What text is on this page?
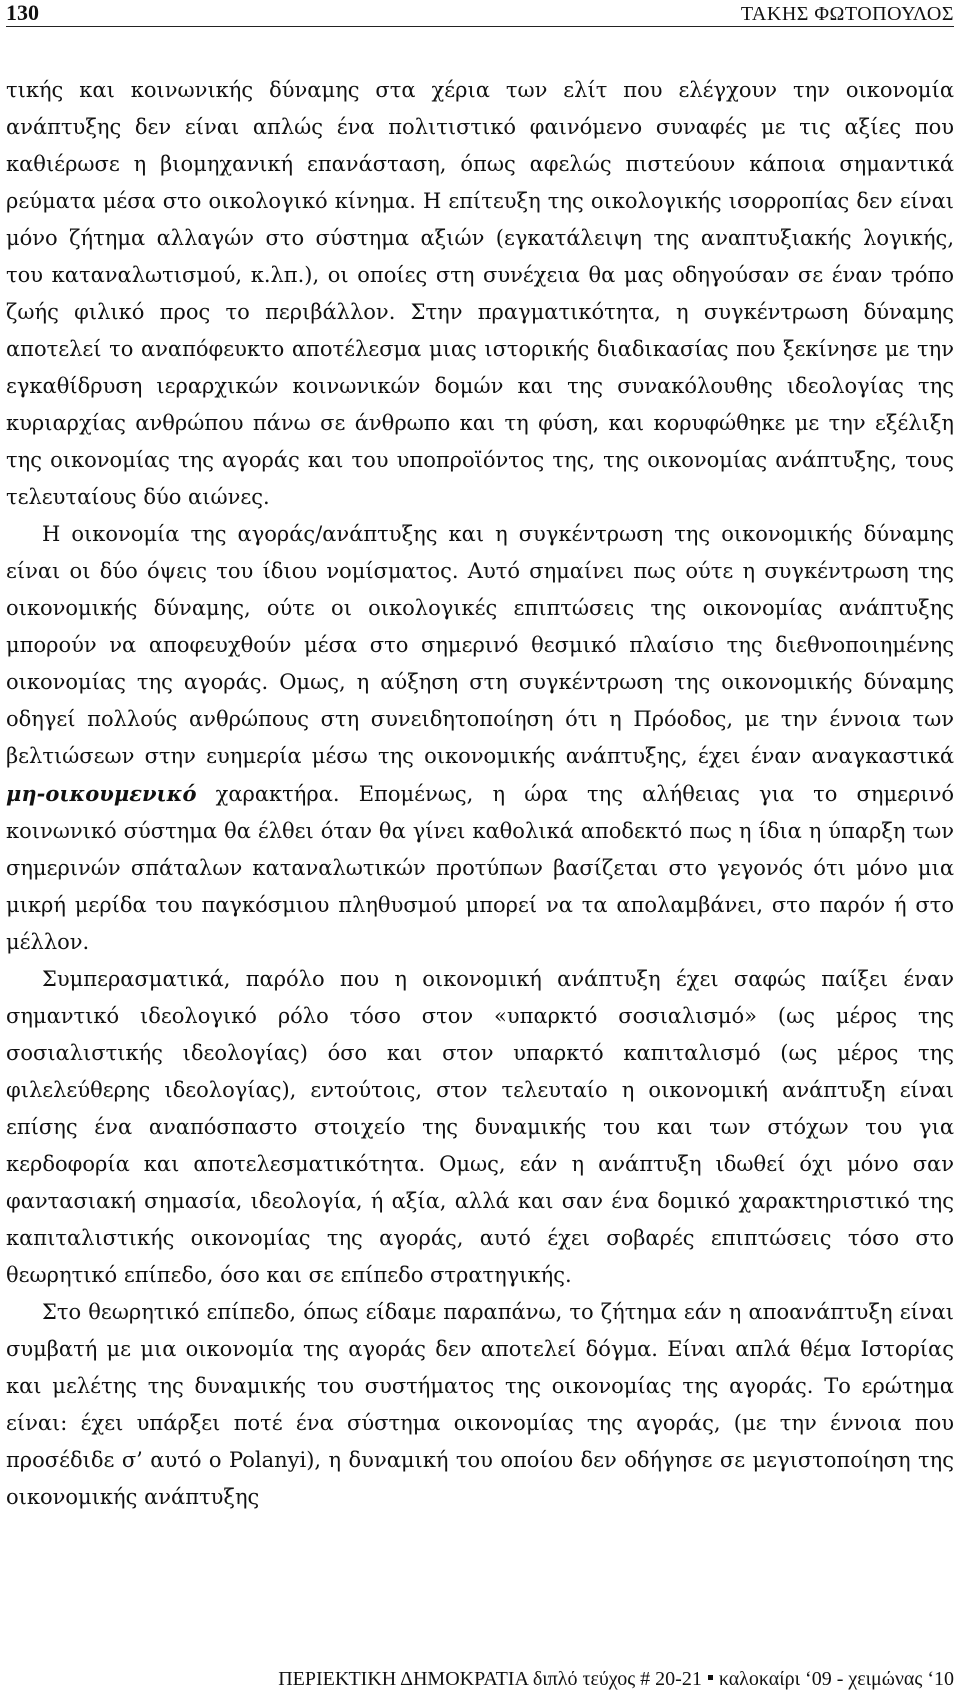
130	ΤΑΚΗΣ ΦΩΤΟΠΟΥΛΟΣ

τικής και κοινωνικής δύναμης στα χέρια των ελίτ που ελέγχουν την οικονομία ανάπτυξης δεν είναι απλώς ένα πολιτιστικό φαινόμενο συναφές με τις αξίες που καθιέρωσε η βιομηχανική επανάσταση, όπως αφελώς πιστεύουν κάποια σημαντικά ρεύματα μέσα στο οικολογικό κίνημα. Η επίτευξη της οικολογικής ισορροπίας δεν είναι μόνο ζήτημα αλλαγών στο σύστημα αξιών (εγκατάλειψη της αναπτυξιακής λογικής, του καταναλωτισμού, κ.λπ.), οι οποίες στη συνέχεια θα μας οδηγούσαν σε έναν τρόπο ζωής φιλικό προς το περιβάλλον. Στην πραγματικότητα, η συγκέντρωση δύναμης αποτελεί το αναπόφευκτο αποτέλεσμα μιας ιστορικής διαδικασίας που ξεκίνησε με την εγκαθίδρυση ιεραρχικών κοινωνικών δομών και της συνακόλουθης ιδεολογίας της κυριαρχίας ανθρώπου πάνω σε άνθρωπο και τη φύση, και κορυφώθηκε με την εξέλιξη της οικονομίας της αγοράς και του υποπροϊόντος της, της οικονομίας ανάπτυξης, τους τελευταίους δύο αιώνες.

Η οικονομία της αγοράς/ανάπτυξης και η συγκέντρωση της οικονομικής δύναμης είναι οι δύο όψεις του ίδιου νομίσματος. Αυτό σημαίνει πως ούτε η συγκέντρωση της οικονομικής δύναμης, ούτε οι οικολογικές επιπτώσεις της οικονομίας ανάπτυξης μπορούν να αποφευχθούν μέσα στο σημερινό θεσμικό πλαίσιο της διεθνοποιημένης οικονομίας της αγοράς. Ομως, η αύξηση στη συγκέντρωση της οικονομικής δύναμης οδηγεί πολλούς ανθρώπους στη συνειδητοποίηση ότι η Πρόοδος, με την έννοια των βελτιώσεων στην ευημερία μέσω της οικονομικής ανάπτυξης, έχει έναν αναγκαστικά μη-οικουμενικό χαρακτήρα. Επομένως, η ώρα της αλήθειας για το σημερινό κοινωνικό σύστημα θα έλθει όταν θα γίνει καθολικά αποδεκτό πως η ίδια η ύπαρξη των σημερινών σπάταλων καταναλωτικών προτύπων βασίζεται στο γεγονός ότι μόνο μια μικρή μερίδα του παγκόσμιου πληθυσμού μπορεί να τα απολαμβάνει, στο παρόν ή στο μέλλον.

Συμπερασματικά, παρόλο που η οικονομική ανάπτυξη έχει σαφώς παίξει έναν σημαντικό ιδεολογικό ρόλο τόσο στον «υπαρκτό σοσιαλισμό» (ως μέρος της σοσιαλιστικής ιδεολογίας) όσο και στον υπαρκτό καπιταλισμό (ως μέρος της φιλελεύθερης ιδεολογίας), εντούτοις, στον τελευταίο η οικονομική ανάπτυξη είναι επίσης ένα αναπόσπαστο στοιχείο της δυναμικής του και των στόχων του για κερδοφορία και αποτελεσματικότητα. Ομως, εάν η ανάπτυξη ιδωθεί όχι μόνο σαν φαντασιακή σημασία, ιδεολογία, ή αξία, αλλά και σαν ένα δομικό χαρακτηριστικό της καπιταλιστικής οικονομίας της αγοράς, αυτό έχει σοβαρές επιπτώσεις τόσο στο θεωρητικό επίπεδο, όσο και σε επίπεδο στρατηγικής.

Στο θεωρητικό επίπεδο, όπως είδαμε παραπάνω, το ζήτημα εάν η αποανάπτυξη είναι συμβατή με μια οικονομία της αγοράς δεν αποτελεί δόγμα. Είναι απλά θέμα Ιστορίας και μελέτης της δυναμικής του συστήματος της οικονομίας της αγοράς. Το ερώτημα είναι: έχει υπάρξει ποτέ ένα σύστημα οικονομίας της αγοράς, (με την έννοια που προσέδιδε σ’ αυτό ο Polanyi), η δυναμική του οποίου δεν οδήγησε σε μεγιστοποίηση της οικονομικής ανάπτυξης

ΠΕΡΙΕΚΤΙΚΗ ΔΗΜΟΚΡΑΤΙΑ διπλό τεύχος # 20-21 καλοκαίρι ‘09 - χειμώνας ‘10
